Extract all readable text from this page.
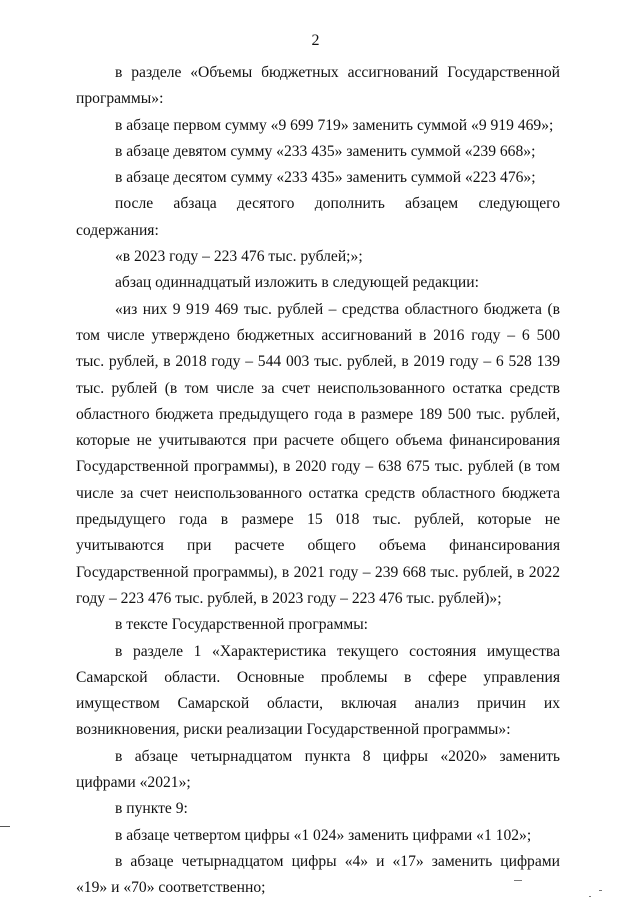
2

в разделе «Объемы бюджетных ассигнований Государственной программы»:

в абзаце первом сумму «9 699 719» заменить суммой «9 919 469»;

в абзаце девятом сумму «233 435» заменить суммой «239 668»;

в абзаце десятом сумму «233 435» заменить суммой «223 476»;

после абзаца десятого дополнить абзацем следующего содержания:

«в 2023 году – 223 476 тыс. рублей;»;

абзац одиннадцатый изложить в следующей редакции:

«из них 9 919 469 тыс. рублей – средства областного бюджета (в том числе утверждено бюджетных ассигнований в 2016 году – 6 500 тыс. рублей, в 2018 году – 544 003 тыс. рублей, в 2019 году – 6 528 139 тыс. рублей (в том числе за счет неиспользованного остатка средств областного бюджета предыдущего года в размере 189 500 тыс. рублей, которые не учитываются при расчете общего объема финансирования Государственной программы), в 2020 году – 638 675 тыс. рублей (в том числе за счет неиспользованного остатка средств областного бюджета предыдущего года в размере 15 018 тыс. рублей, которые не учитываются при расчете общего объема финансирования Государственной программы), в 2021 году – 239 668 тыс. рублей, в 2022 году – 223 476 тыс. рублей, в 2023 году – 223 476 тыс. рублей)»;

в тексте Государственной программы:

в разделе 1 «Характеристика текущего состояния имущества Самарской области. Основные проблемы в сфере управления имуществом Самарской области, включая анализ причин их возникновения, риски реализации Государственной программы»:

в абзаце четырнадцатом пункта 8 цифры «2020» заменить цифрами «2021»;

в пункте 9:

в абзаце четвертом цифры «1 024» заменить цифрами «1 102»;

в абзаце четырнадцатом цифры «4» и «17» заменить цифрами «19» и «70» соответственно;
